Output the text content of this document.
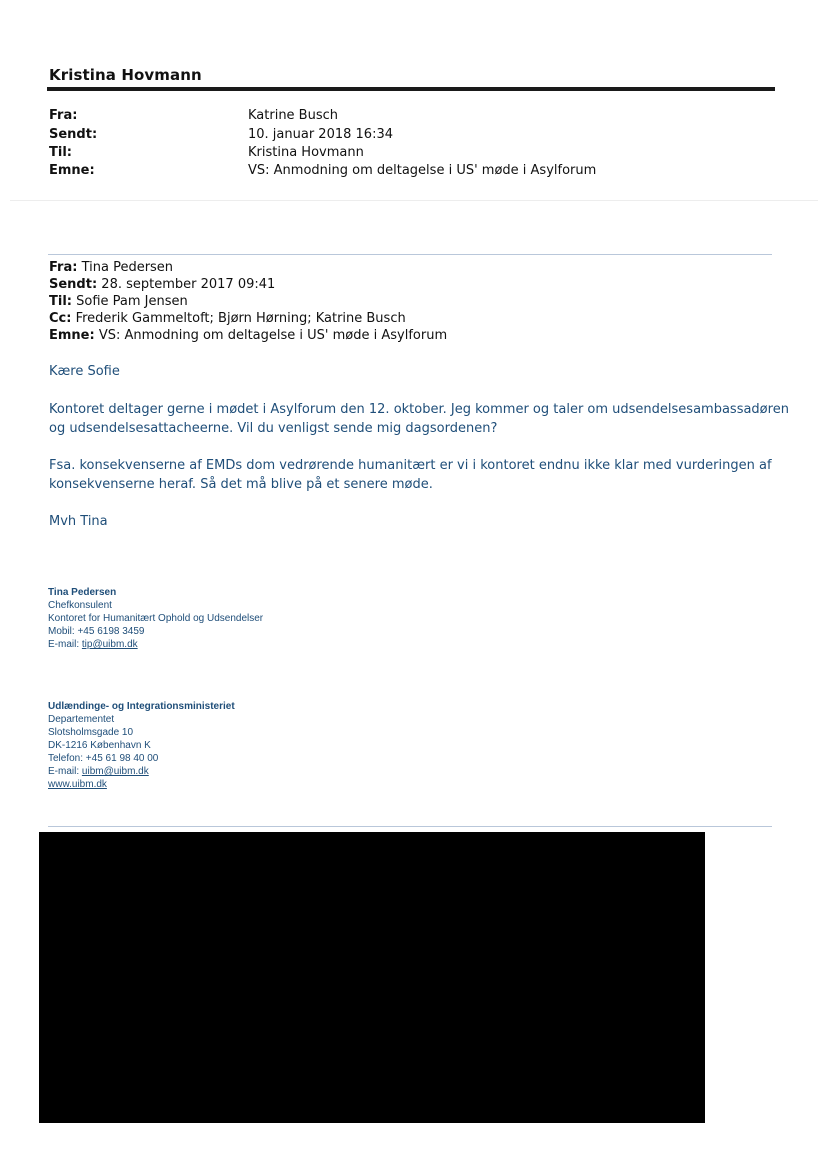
Kristina Hovmann
Fra:	Katrine Busch
Sendt:	10. januar 2018 16:34
Til:	Kristina Hovmann
Emne:	VS: Anmodning om deltagelse i US' møde i Asylforum
Fra: Tina Pedersen
Sendt: 28. september 2017 09:41
Til: Sofie Pam Jensen
Cc: Frederik Gammeltoft; Bjørn Hørning; Katrine Busch
Emne: VS: Anmodning om deltagelse i US' møde i Asylforum
Kære Sofie
Kontoret deltager gerne i mødet i Asylforum den 12. oktober. Jeg kommer og taler om udsendelsesambassadøren
og udsendelsesattacheerne. Vil du venligst sende mig dagsordenen?
Fsa. konsekvenserne af EMDs dom vedrørende humanitært er vi i kontoret endnu ikke klar med vurderingen af
konsekvenserne heraf. Så det må blive på et senere møde.
Mvh Tina
Tina Pedersen
Chefkonsulent
Kontoret for Humanitært Ophold og Udsendelser
Mobil: +45 6198 3459
E-mail: tip@uibm.dk
Udlændinge- og Integrationsministeriet
Departementet
Slotsholmsgade 10
DK-1216 København K
Telefon: +45 61 98 40 00
E-mail: uibm@uibm.dk
www.uibm.dk
